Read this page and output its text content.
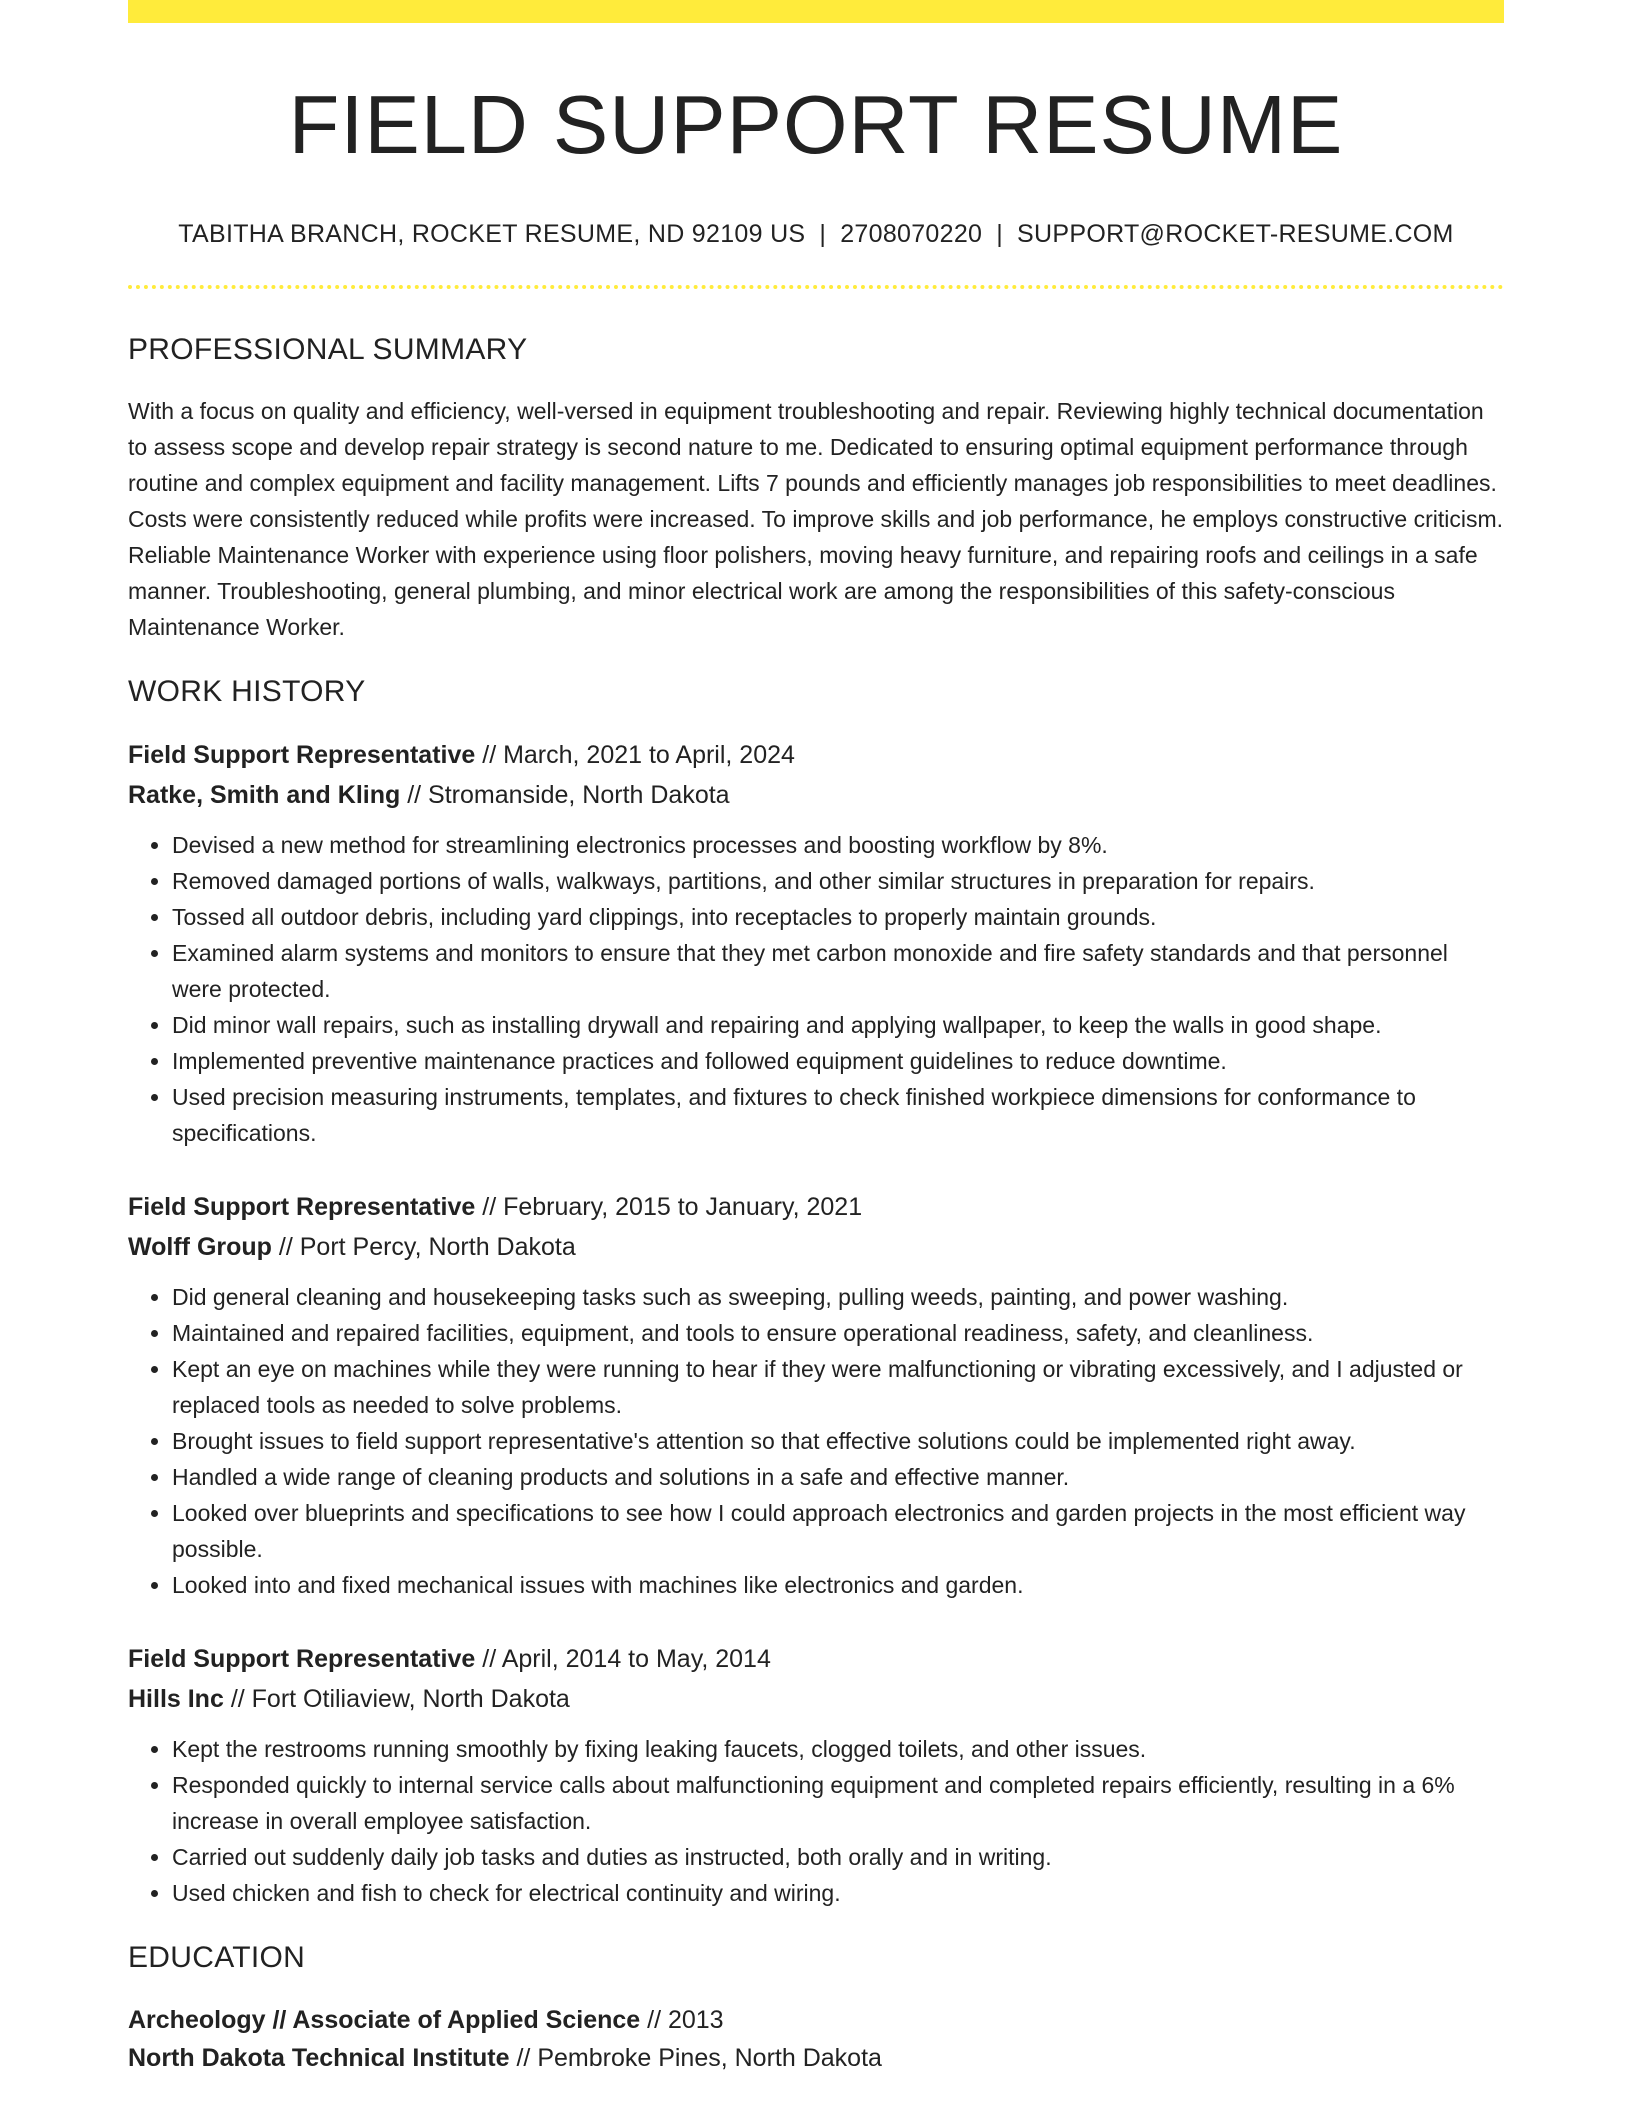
FIELD SUPPORT RESUME
TABITHA BRANCH, ROCKET RESUME, ND 92109 US | 2708070220 | SUPPORT@ROCKET-RESUME.COM
PROFESSIONAL SUMMARY
With a focus on quality and efficiency, well-versed in equipment troubleshooting and repair. Reviewing highly technical documentation to assess scope and develop repair strategy is second nature to me. Dedicated to ensuring optimal equipment performance through routine and complex equipment and facility management. Lifts 7 pounds and efficiently manages job responsibilities to meet deadlines. Costs were consistently reduced while profits were increased. To improve skills and job performance, he employs constructive criticism. Reliable Maintenance Worker with experience using floor polishers, moving heavy furniture, and repairing roofs and ceilings in a safe manner. Troubleshooting, general plumbing, and minor electrical work are among the responsibilities of this safety-conscious Maintenance Worker.
WORK HISTORY
Field Support Representative // March, 2021 to April, 2024
Ratke, Smith and Kling // Stromanside, North Dakota
• Devised a new method for streamlining electronics processes and boosting workflow by 8%.
• Removed damaged portions of walls, walkways, partitions, and other similar structures in preparation for repairs.
• Tossed all outdoor debris, including yard clippings, into receptacles to properly maintain grounds.
• Examined alarm systems and monitors to ensure that they met carbon monoxide and fire safety standards and that personnel were protected.
• Did minor wall repairs, such as installing drywall and repairing and applying wallpaper, to keep the walls in good shape.
• Implemented preventive maintenance practices and followed equipment guidelines to reduce downtime.
• Used precision measuring instruments, templates, and fixtures to check finished workpiece dimensions for conformance to specifications.
Field Support Representative // February, 2015 to January, 2021
Wolff Group // Port Percy, North Dakota
• Did general cleaning and housekeeping tasks such as sweeping, pulling weeds, painting, and power washing.
• Maintained and repaired facilities, equipment, and tools to ensure operational readiness, safety, and cleanliness.
• Kept an eye on machines while they were running to hear if they were malfunctioning or vibrating excessively, and I adjusted or replaced tools as needed to solve problems.
• Brought issues to field support representative's attention so that effective solutions could be implemented right away.
• Handled a wide range of cleaning products and solutions in a safe and effective manner.
• Looked over blueprints and specifications to see how I could approach electronics and garden projects in the most efficient way possible.
• Looked into and fixed mechanical issues with machines like electronics and garden.
Field Support Representative // April, 2014 to May, 2014
Hills Inc // Fort Otiliaview, North Dakota
• Kept the restrooms running smoothly by fixing leaking faucets, clogged toilets, and other issues.
• Responded quickly to internal service calls about malfunctioning equipment and completed repairs efficiently, resulting in a 6% increase in overall employee satisfaction.
• Carried out suddenly daily job tasks and duties as instructed, both orally and in writing.
• Used chicken and fish to check for electrical continuity and wiring.
EDUCATION
Archeology // Associate of Applied Science // 2013
North Dakota Technical Institute // Pembroke Pines, North Dakota
